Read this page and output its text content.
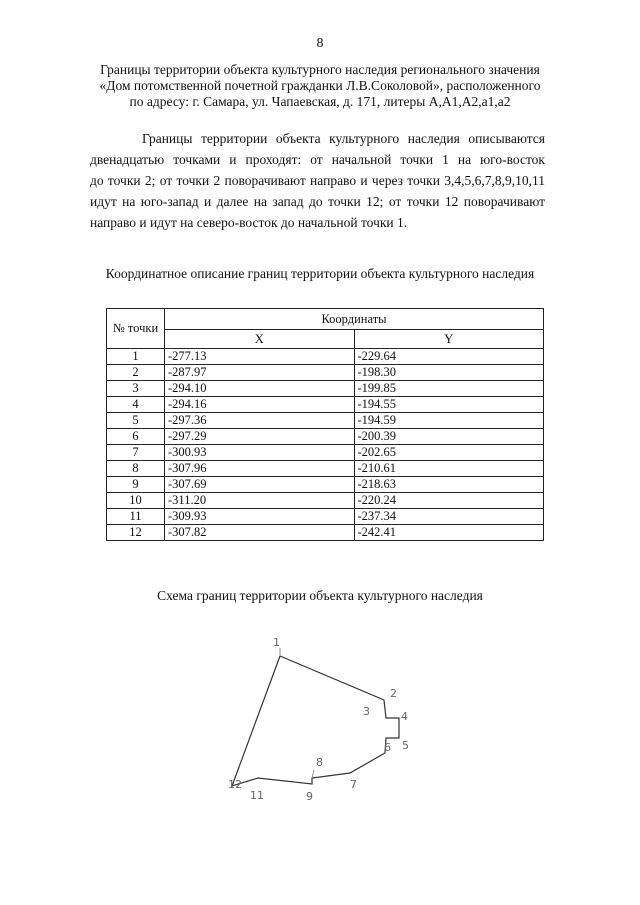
8
Границы территории объекта культурного наследия регионального значения
«Дом потомственной почетной гражданки Л.В.Соколовой», расположенного
по адресу: г. Самара, ул. Чапаевская, д. 171, литеры А,А1,А2,а1,а2
Границы территории объекта культурного наследия описываются
двенадцатью точками и проходят: от начальной точки 1 на юго-восток
до точки 2; от точки 2 поворачивают направо и через точки 3,4,5,6,7,8,9,10,11
идут на юго-запад и далее на запад до точки 12; от точки 12 поворачивают
направо и идут на северо-восток до начальной точки 1.
Координатное описание границ территории объекта культурного наследия
№ точки	Координаты	
	X	Y
1	-277.13	-229.64
2	-287.97	-198.30
3	-294.10	-199.85
4	-294.16	-194.55
5	-297.36	-194.59
6	-297.29	-200.39
7	-300.93	-202.65
8	-307.96	-210.61
9	-307.69	-218.63
10	-311.20	-220.24
11	-309.93	-237.34
12	-307.82	-242.41
Схема границ территории объекта культурного наследия
1
2
3	4
5
6
7
8
9
11
12
